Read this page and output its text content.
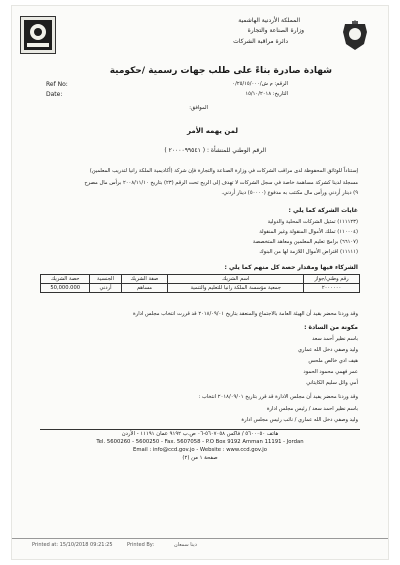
المملكة الأردنية الهاشمية
وزارة الصناعة والتجارة
دائرة مراقبة الشركات
شهادة صادرة بناءً على طلب جهات رسمية /حكومية
Ref No:
Date:
الرقم: م ش/٠/٢٥/١٥/٠٠٠
التاريخ: ١٥/١٠/٢٠١٨
الموافق:
لمن يهمه الأمر
الرقم الوطني للمنشأة : ( ٢٠٠٠٠٩٩٥٤١ )
إستناداً للوثائق المحفوظة لدى مراقب الشركات في وزارة الصناعة والتجارة فإن شركة (أكاديمية الملكة رانيا لتدريب المعلمين)
مسجلة لدينا كشركة مساهمة خاصة في سجل الشركات لا تهدف إلى الربح تحت الرقم (٢٣) بتاريخ ٢٠٠٨/١١/١٠ برأس مال مصرح
٩) دينار أردني ورأس مال مكتتب به مدفوع (٥٠٠٠٠) دينار أردني.
غايات الشركة كما يلي :
(١١١١٢٣) تمثيل الشركات المحلية والدولية
(١١٠٠٠٤) تملك الأموال المنقولة وغير المنقولة
(٦٦١٠٧) برامج تعليم المعلمين ومعاهد المتخصصة
(١١١١١) اقتراض الأموال اللازمة لها من البنوك
الشركاء فيها ومقدار حصة كل منهم كما يلي :
رقم وطني/جواز	اسم الشريك	صفة الشريك	الجنسية	حصة الشريك
٢٠٠٠٠٠٠	جمعية مؤسسة الملكة رانيا للتعليم والتنمية	مساهم	أردني	50,000.000
وقد وردنا محضر بقيد أن الهيئة العامة بالاجتماع والمنعقد بتاريخ ٢٠١٨/٠٩/٠١ قد قررت انتخاب مجلس ادارة
مكونة من السادة :
باسم نظير أحمد سعد
وليد وصفي دخل الله عماري
هيف ادي خالص ملحس
عمر فهمي محمود الحمود
أمي وائل سليم الكايتاني
وقد وردنا محضر يفيد أن مجلس الادارة قد قرر بتاريخ ٢٠١٨/٠٩/٠١ انتخاب :
باسم نظير احمد سعد / رئيس مجلس ادارة
وليد وصفي دخل الله عماري / نائب رئيس مجلس ادارة
هاتف ٥٦٠٠٠٥٠ / فاكس ٥٦٠٧٠٥٨-٠٦ ص.ب ٩١٩٢ عمان ١١١٩١ - الأردن
Tel. 5600260 - 5600250 - Fax. 5607058 - P.O Box 9192 Amman 11191 - Jordan
Email : info@ccd.gov.jo - Website : www.ccd.gov.jo
صفحة ١ من (٢)
Printed at: 15/10/2018 09:21:25	Printed By:	دينا سمعان
